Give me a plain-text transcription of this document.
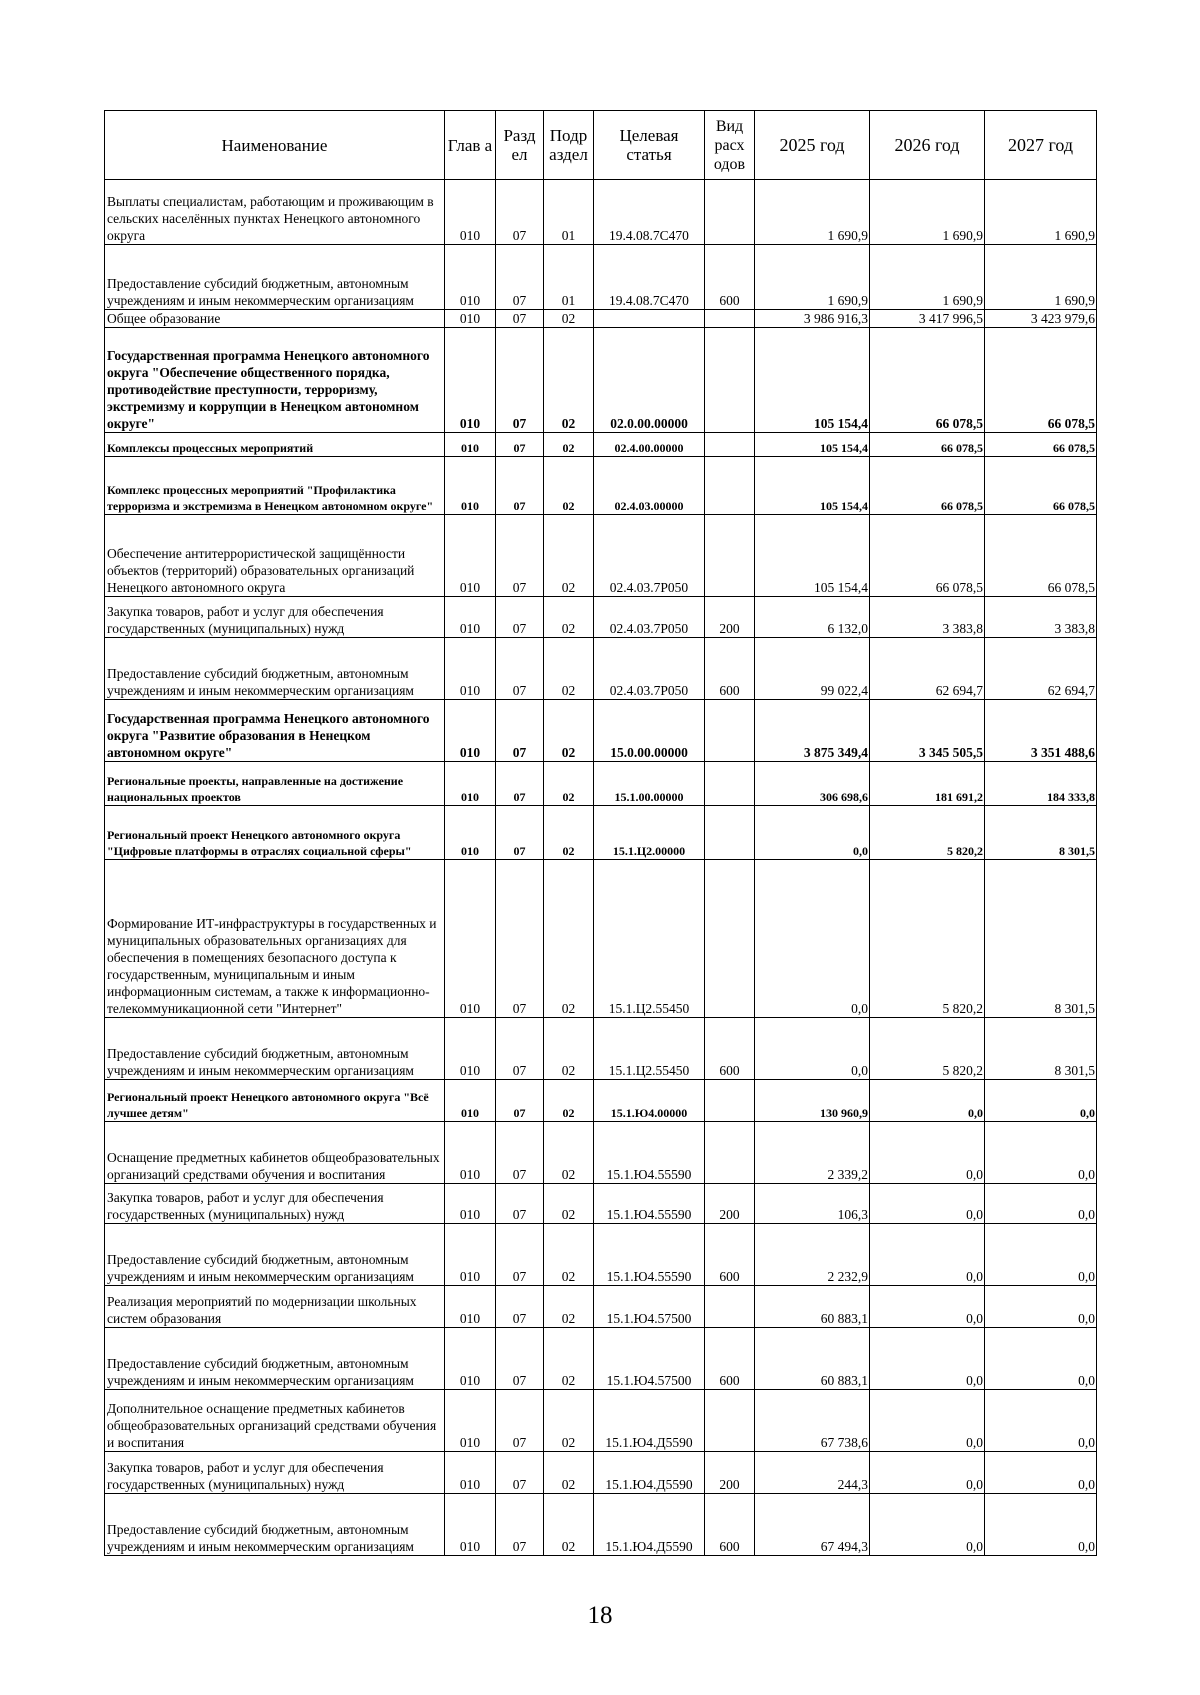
Наименование	Глав а	Разд ел	Подр аздел	Целевая статья	Вид расх одов	2025 год	2026 год	2027 год
Выплаты специалистам, работающим и проживающим в сельских населённых пунктах Ненецкого автономного округа	010	07	01	19.4.08.7С470		1 690,9	1 690,9	1 690,9
Предоставление субсидий бюджетным, автономным учреждениям и иным некоммерческим организациям	010	07	01	19.4.08.7С470	600	1 690,9	1 690,9	1 690,9
Общее образование	010	07	02			3 986 916,3	3 417 996,5	3 423 979,6
Государственная программа Ненецкого автономного округа "Обеспечение общественного порядка, противодействие преступности, терроризму, экстремизму и коррупции в Ненецком автономном округе"	010	07	02	02.0.00.00000		105 154,4	66 078,5	66 078,5
Комплексы процессных мероприятий	010	07	02	02.4.00.00000		105 154,4	66 078,5	66 078,5
Комплекс процессных мероприятий "Профилактика терроризма и экстремизма в Ненецком автономном округе"	010	07	02	02.4.03.00000		105 154,4	66 078,5	66 078,5
Обеспечение антитеррористической защищённости объектов (территорий) образовательных организаций Ненецкого автономного округа	010	07	02	02.4.03.7Р050		105 154,4	66 078,5	66 078,5
Закупка товаров, работ и услуг для обеспечения государственных (муниципальных) нужд	010	07	02	02.4.03.7Р050	200	6 132,0	3 383,8	3 383,8
Предоставление субсидий бюджетным, автономным учреждениям и иным некоммерческим организациям	010	07	02	02.4.03.7Р050	600	99 022,4	62 694,7	62 694,7
Государственная программа Ненецкого автономного округа "Развитие образования в Ненецком автономном округе"	010	07	02	15.0.00.00000		3 875 349,4	3 345 505,5	3 351 488,6
Региональные проекты, направленные на достижение национальных проектов	010	07	02	15.1.00.00000		306 698,6	181 691,2	184 333,8
Региональный проект Ненецкого автономного округа "Цифровые платформы в отраслях социальной сферы"	010	07	02	15.1.Ц2.00000		0,0	5 820,2	8 301,5
Формирование ИТ-инфраструктуры в государственных и муниципальных образовательных организациях для обеспечения в помещениях безопасного доступа к государственным, муниципальным и иным информационным системам, а также к информационно-телекоммуникационной сети "Интернет"	010	07	02	15.1.Ц2.55450		0,0	5 820,2	8 301,5
Предоставление субсидий бюджетным, автономным учреждениям и иным некоммерческим организациям	010	07	02	15.1.Ц2.55450	600	0,0	5 820,2	8 301,5
Региональный проект Ненецкого автономного округа "Всё лучшее детям"	010	07	02	15.1.Ю4.00000		130 960,9	0,0	0,0
Оснащение предметных кабинетов общеобразовательных организаций средствами обучения и воспитания	010	07	02	15.1.Ю4.55590		2 339,2	0,0	0,0
Закупка товаров, работ и услуг для обеспечения государственных (муниципальных) нужд	010	07	02	15.1.Ю4.55590	200	106,3	0,0	0,0
Предоставление субсидий бюджетным, автономным учреждениям и иным некоммерческим организациям	010	07	02	15.1.Ю4.55590	600	2 232,9	0,0	0,0
Реализация мероприятий по модернизации школьных систем образования	010	07	02	15.1.Ю4.57500		60 883,1	0,0	0,0
Предоставление субсидий бюджетным, автономным учреждениям и иным некоммерческим организациям	010	07	02	15.1.Ю4.57500	600	60 883,1	0,0	0,0
Дополнительное оснащение предметных кабинетов общеобразовательных организаций средствами обучения и воспитания	010	07	02	15.1.Ю4.Д5590		67 738,6	0,0	0,0
Закупка товаров, работ и услуг для обеспечения государственных (муниципальных) нужд	010	07	02	15.1.Ю4.Д5590	200	244,3	0,0	0,0
Предоставление субсидий бюджетным, автономным учреждениям и иным некоммерческим организациям	010	07	02	15.1.Ю4.Д5590	600	67 494,3	0,0	0,0
18
